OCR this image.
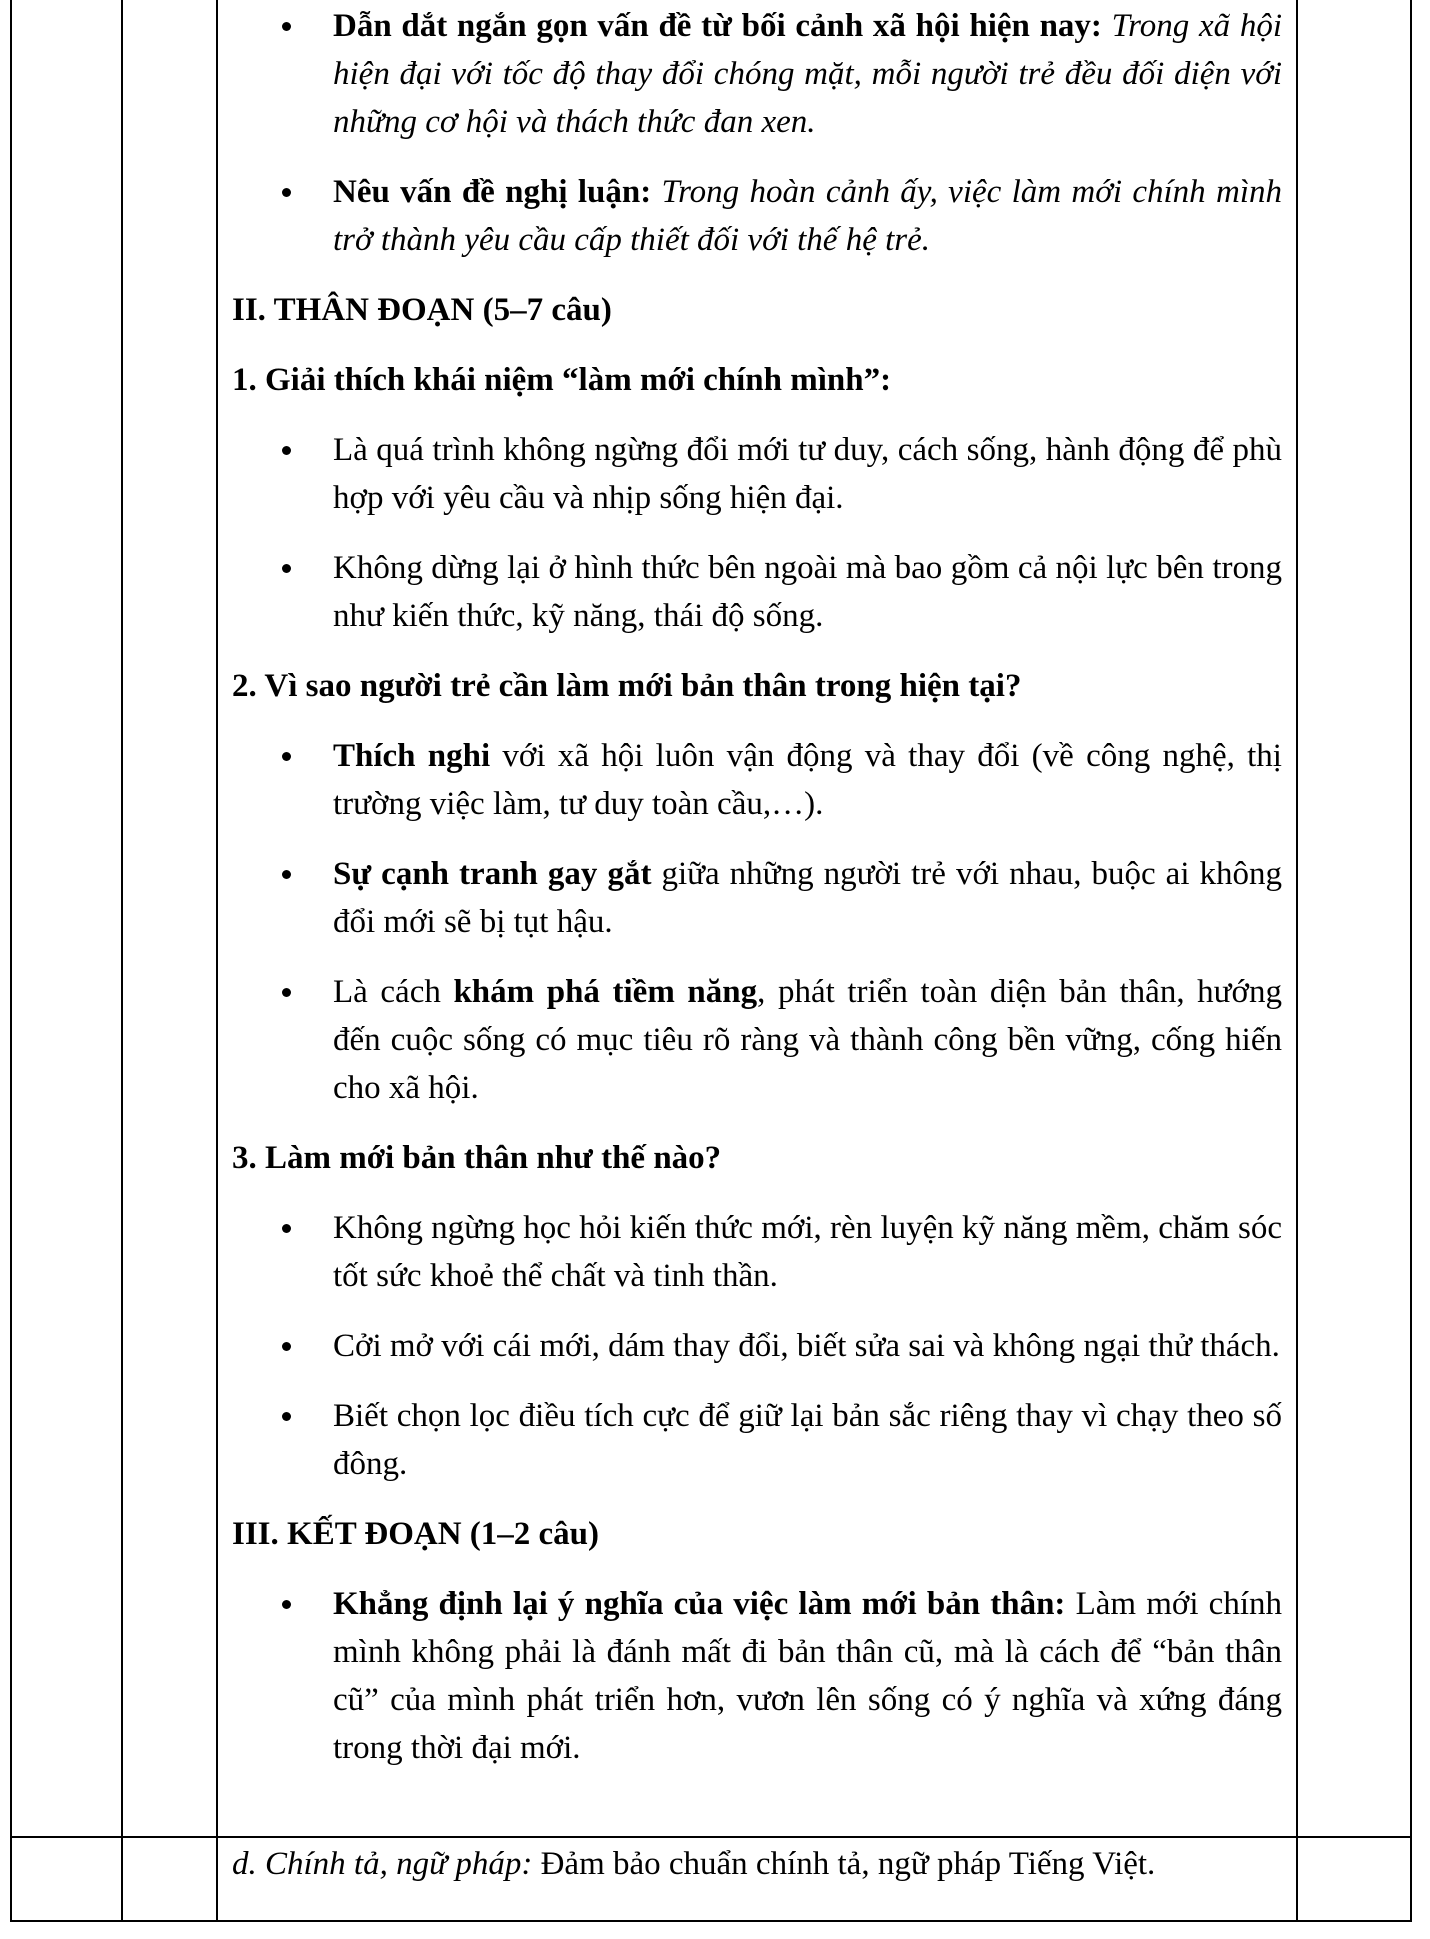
Dẫn dắt ngắn gọn vấn đề từ bối cảnh xã hội hiện nay: Trong xã hội hiện đại với tốc độ thay đổi chóng mặt, mỗi người trẻ đều đối diện với những cơ hội và thách thức đan xen.

Nêu vấn đề nghị luận: Trong hoàn cảnh ấy, việc làm mới chính mình trở thành yêu cầu cấp thiết đối với thế hệ trẻ.

II. THÂN ĐOẠN (5–7 câu)

1. Giải thích khái niệm “làm mới chính mình”:

Là quá trình không ngừng đổi mới tư duy, cách sống, hành động để phù hợp với yêu cầu và nhịp sống hiện đại.

Không dừng lại ở hình thức bên ngoài mà bao gồm cả nội lực bên trong như kiến thức, kỹ năng, thái độ sống.

2. Vì sao người trẻ cần làm mới bản thân trong hiện tại?

Thích nghi với xã hội luôn vận động và thay đổi (về công nghệ, thị trường việc làm, tư duy toàn cầu,…).

Sự cạnh tranh gay gắt giữa những người trẻ với nhau, buộc ai không đổi mới sẽ bị tụt hậu.

Là cách khám phá tiềm năng, phát triển toàn diện bản thân, hướng đến cuộc sống có mục tiêu rõ ràng và thành công bền vững, cống hiến cho xã hội.

3. Làm mới bản thân như thế nào?

Không ngừng học hỏi kiến thức mới, rèn luyện kỹ năng mềm, chăm sóc tốt sức khoẻ thể chất và tinh thần.

Cởi mở với cái mới, dám thay đổi, biết sửa sai và không ngại thử thách.

Biết chọn lọc điều tích cực để giữ lại bản sắc riêng thay vì chạy theo số đông.

III. KẾT ĐOẠN (1–2 câu)

Khẳng định lại ý nghĩa của việc làm mới bản thân: Làm mới chính mình không phải là đánh mất đi bản thân cũ, mà là cách để “bản thân cũ” của mình phát triển hơn, vươn lên sống có ý nghĩa và xứng đáng trong thời đại mới.

d. Chính tả, ngữ pháp: Đảm bảo chuẩn chính tả, ngữ pháp Tiếng Việt.
